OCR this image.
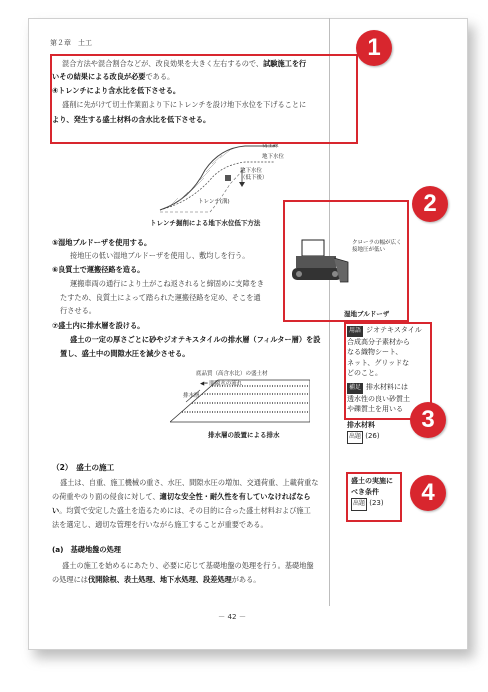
第２章　土工
混合方法や混合割合などが、改良効果を大きく左右するので、試験施工を行
いその結果による改良が必要である。
④トレンチにより含水比を低下させる。
盛削に先がけて切土作業面より下にトレンチを設け地下水位を下げることに
より、発生する盛土材料の含水比を低下させる。
切土線
地下水位
地下水位
（低下後）
トレンチ(溝)
トレンチ掘削による地下水位低下方法
⑤湿地ブルドーザを使用する。
接地圧の低い湿地ブルドーザを使用し、敷均しを行う。
⑥良質土で運搬径路を造る。
運搬車両の通行により土がこね返されると締固めに支障をき
たすため、良質土によって踏られた運搬径路を定め、そこを通
行させる。
⑦盛土内に排水層を設ける。
盛土の一定の厚さごとに砂やジオテキスタイルの排水層（フィルター層）を設
置し、盛土中の間隙水圧を減少させる。
クローラの幅が広く接地圧が低い
湿地ブルドーザ
底品質（高含水比）の盛土材
◀━ 間隙水の流れ
排水層
排水層の設置による排水
用語 ジオテキスタイル
合成高分子素材から
なる織物シート、
ネット、グリッドな
どのこと。
補足 排水材料には
透水性の良い砂質土
や礫質土を用いる
排水材料
出題 (26)
盛土の実施に
べき条件
出題 (23)
（2）　盛土の施工
盛土は、自重、施工機械の重さ、水圧、間隙水圧の増加、交通荷重、上載荷重な
の荷重やのり面の侵食に対して、適切な安全性・耐久性を有していなければなら
い。均質で安定した盛土を造るためには、その目的に合った盛土材料および施工
法を選定し、適切な管理を行いながら施工することが重要である。
(a)　基礎地盤の処理
盛土の施工を始めるにあたり、必要に応じて基礎地盤の処理を行う。基礎地盤
の処理には伐開除根、表土処理、地下水処理、段差処理がある。
－ 42 －
1
2
3
4
